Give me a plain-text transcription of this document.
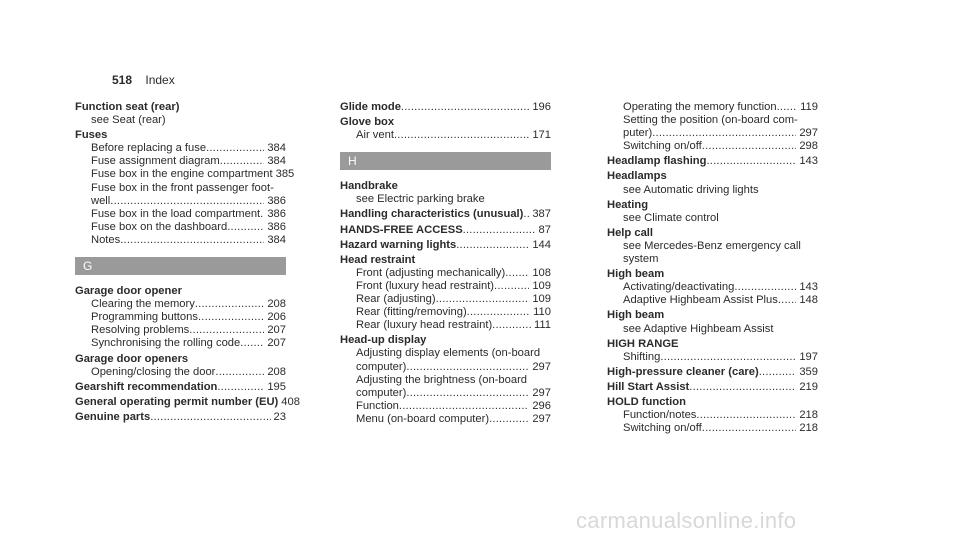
518 Index
Function seat (rear)
see Seat (rear)
Fuses
Before replacing a fuse .....	384
Fuse assignment diagram .....	384
Fuse box in the engine compartment 385
Fuse box in the front passenger foot-
well .....	386
Fuse box in the load compartment ..... 386
Fuse box on the dashboard .....	386
Notes .....	384
G
Garage door opener
Clearing the memory .....	208
Programming buttons .....	206
Resolving problems .....	207
Synchronising the rolling code ..... 207
Garage door openers
Opening/closing the door .....	208
Gearshift recommendation .....	195
General operating permit number (EU) 408
Genuine parts .....	23
Glide mode .....	196
Glove box
Air vent .....	171
H
Handbrake
see Electric parking brake
Handling characteristics (unusual) ..... 387
HANDS-FREE ACCESS .....	87
Hazard warning lights .....	144
Head restraint
Front (adjusting mechanically) ..... 108
Front (luxury head restraint) .....	109
Rear (adjusting) .....	109
Rear (fitting/removing) .....	110
Rear (luxury head restraint) .....	111
Head-up display
Adjusting display elements (on-board
computer) .....	297
Adjusting the brightness (on-board
computer) .....	297
Function .....	296
Menu (on-board computer) .....	297
Operating the memory function ..... 119
Setting the position (on-board com-
puter) .....	297
Switching on/off .....	298
Headlamp flashing .....	143
Headlamps
see Automatic driving lights
Heating
see Climate control
Help call
see Mercedes-Benz emergency call system
High beam
Activating/deactivating .....	143
Adaptive Highbeam Assist Plus ..... 148
High beam
see Adaptive Highbeam Assist
HIGH RANGE
Shifting .....	197
High-pressure cleaner (care) .....	359
Hill Start Assist .....	219
HOLD function
Function/notes .....	218
Switching on/off .....	218
carmanualsonline.info
